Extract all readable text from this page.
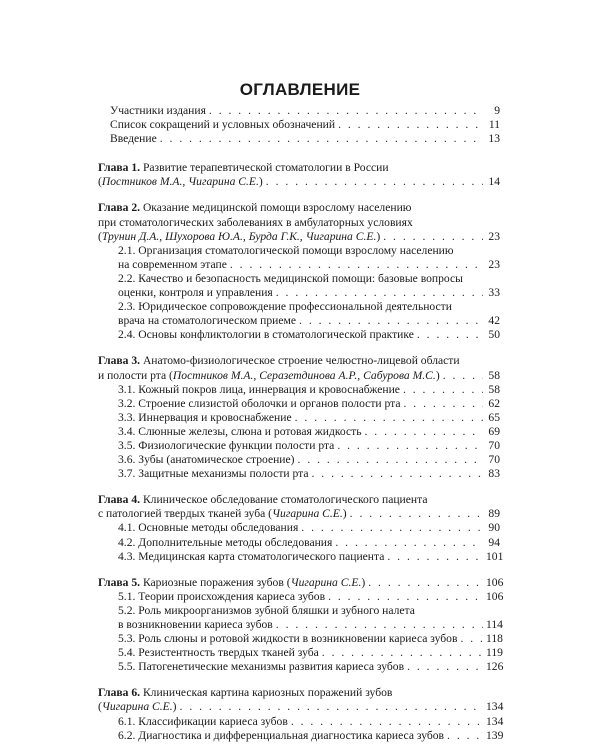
ОГЛАВЛЕНИЕ
Участники издания . . .	9
Список сокращений и условных обозначений . . .	11
Введение . . .	13
Глава 1. Развитие терапевтической стоматологии в России
(Постников М.А., Чигарина С.Е.) . . .	14
Глава 2. Оказание медицинской помощи взрослому населению
при стоматологических заболеваниях в амбулаторных условиях
(Трунин Д.А., Шухорова Ю.А., Бурда Г.К., Чигарина С.Е.) . . .	23
2.1. Организация стоматологической помощи взрослому населению
на современном этапе . . .	23
2.2. Качество и безопасность медицинской помощи: базовые вопросы
оценки, контроля и управления . . .	33
2.3. Юридическое сопровождение профессиональной деятельности
врача на стоматологическом приеме . . .	42
2.4. Основы конфликтологии в стоматологической практике . . .	50
Глава 3. Анатомо-физиологическое строение челюстно-лицевой области
и полости рта (Постников М.А., Серазетдинова А.Р., Сабурова М.С.) . . .	58
3.1. Кожный покров лица, иннервация и кровоснабжение . . .	58
3.2. Строение слизистой оболочки и органов полости рта . . .	62
3.3. Иннервация и кровоснабжение . . .	65
3.4. Слюнные железы, слюна и ротовая жидкость . . .	69
3.5. Физиологические функции полости рта . . .	70
3.6. Зубы (анатомическое строение) . . .	70
3.7. Защитные механизмы полости рта . . .	83
Глава 4. Клиническое обследование стоматологического пациента
с патологией твердых тканей зуба (Чигарина С.Е.) . . .	89
4.1. Основные методы обследования . . .	90
4.2. Дополнительные методы обследования . . .	94
4.3. Медицинская карта стоматологического пациента . . .	101
Глава 5. Кариозные поражения зубов (Чигарина С.Е.) . . .	106
5.1. Теории происхождения кариеса зубов . . .	106
5.2. Роль микроорганизмов зубной бляшки и зубного налета
в возникновении кариеса зубов . . .	114
5.3. Роль слюны и ротовой жидкости в возникновении кариеса зубов . . . 118
5.4. Резистентность твердых тканей зуба . . .	119
5.5. Патогенетические механизмы развития кариеса зубов . . .	126
Глава 6. Клиническая картина кариозных поражений зубов
(Чигарина С.Е.) . . .	134
6.1. Классификации кариеса зубов . . .	134
6.2. Диагностика и дифференциальная диагностика кариеса зубов . . .	139
